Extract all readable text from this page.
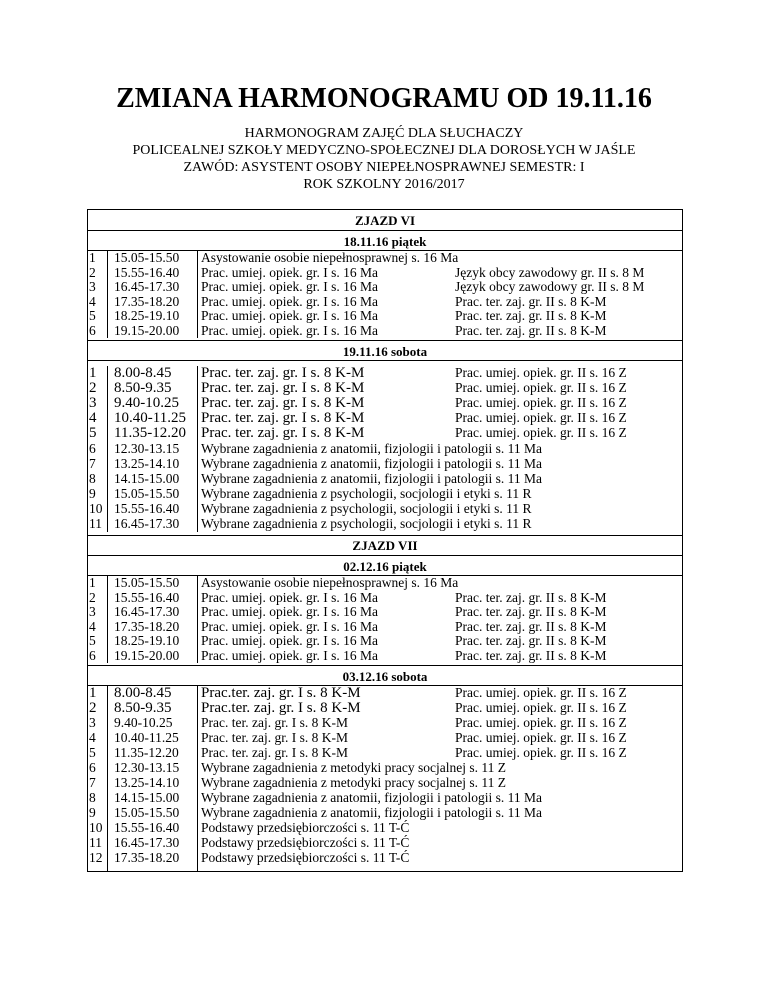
ZMIANA HARMONOGRAMU OD 19.11.16
HARMONOGRAM ZAJĘĆ DLA SŁUCHACZY
POLICEALNEJ SZKOŁY MEDYCZNO-SPOŁECZNEJ DLA DOROSŁYCH W JAŚLE
ZAWÓD: ASYSTENT OSOBY NIEPEŁNOSPRAWNEJ SEMESTR: I
ROK SZKOLNY 2016/2017
ZJAZD VI
18.11.16 piątek
1	15.05-15.50 Asystowanie osobie niepełnosprawnej s. 16 Ma
2	15.55-16.40 Prac. umiej. opiek. gr. I s. 16 Ma	Język obcy zawodowy gr. II s. 8 M
3	16.45-17.30 Prac. umiej. opiek. gr. I s. 16 Ma	Język obcy zawodowy gr. II s. 8 M
4	17.35-18.20 Prac. umiej. opiek. gr. I s. 16 Ma	Prac. ter. zaj. gr. II s. 8 K-M
5	18.25-19.10 Prac. umiej. opiek. gr. I s. 16 Ma	Prac. ter. zaj. gr. II s. 8 K-M
6	19.15-20.00 Prac. umiej. opiek. gr. I s. 16 Ma	Prac. ter. zaj. gr. II s. 8 K-M
19.11.16 sobota
1	8.00-8.45 Prac. ter. zaj. gr. I s. 8 K-M	Prac. umiej. opiek. gr. II s. 16 Z
2	8.50-9.35 Prac. ter. zaj. gr. I s. 8 K-M	Prac. umiej. opiek. gr. II s. 16 Z
3	9.40-10.25 Prac. ter. zaj. gr. I s. 8 K-M	Prac. umiej. opiek. gr. II s. 16 Z
4	10.40-11.25 Prac. ter. zaj. gr. I s. 8 K-M	Prac. umiej. opiek. gr. II s. 16 Z
5	11.35-12.20 Prac. ter. zaj. gr. I s. 8 K-M	Prac. umiej. opiek. gr. II s. 16 Z
6	12.30-13.15 Wybrane zagadnienia z anatomii, fizjologii i patologii s. 11 Ma
7	13.25-14.10 Wybrane zagadnienia z anatomii, fizjologii i patologii s. 11 Ma
8	14.15-15.00 Wybrane zagadnienia z anatomii, fizjologii i patologii s. 11 Ma
9	15.05-15.50 Wybrane zagadnienia z psychologii, socjologii i etyki s. 11 R
10 15.55-16.40 Wybrane zagadnienia z psychologii, socjologii i etyki s. 11 R
11 16.45-17.30 Wybrane zagadnienia z psychologii, socjologii i etyki s. 11 R
ZJAZD VII
02.12.16 piątek
1	15.05-15.50 Asystowanie osobie niepełnosprawnej s. 16 Ma
2	15.55-16.40 Prac. umiej. opiek. gr. I s. 16 Ma	Prac. ter. zaj. gr. II s. 8 K-M
3	16.45-17.30 Prac. umiej. opiek. gr. I s. 16 Ma	Prac. ter. zaj. gr. II s. 8 K-M
4	17.35-18.20 Prac. umiej. opiek. gr. I s. 16 Ma	Prac. ter. zaj. gr. II s. 8 K-M
5	18.25-19.10 Prac. umiej. opiek. gr. I s. 16 Ma	Prac. ter. zaj. gr. II s. 8 K-M
6	19.15-20.00 Prac. umiej. opiek. gr. I s. 16 Ma	Prac. ter. zaj. gr. II s. 8 K-M
03.12.16 sobota
1	8.00-8.45 Prac.ter. zaj. gr. I s. 8 K-M	Prac. umiej. opiek. gr. II s. 16 Z
2	8.50-9.35 Prac.ter. zaj. gr. I s. 8 K-M	Prac. umiej. opiek. gr. II s. 16 Z
3	9.40-10.25 Prac. ter. zaj. gr. I s. 8 K-M	Prac. umiej. opiek. gr. II s. 16 Z
4	10.40-11.25 Prac. ter. zaj. gr. I s. 8 K-M	Prac. umiej. opiek. gr. II s. 16 Z
5	11.35-12.20 Prac. ter. zaj. gr. I s. 8 K-M	Prac. umiej. opiek. gr. II s. 16 Z
6	12.30-13.15 Wybrane zagadnienia z metodyki pracy socjalnej s. 11 Z
7	13.25-14.10 Wybrane zagadnienia z metodyki pracy socjalnej s. 11 Z
8	14.15-15.00 Wybrane zagadnienia z anatomii, fizjologii i patologii s. 11 Ma
9	15.05-15.50 Wybrane zagadnienia z anatomii, fizjologii i patologii s. 11 Ma
10 15.55-16.40 Podstawy przedsiębiorczości s. 11 T-Ć
11 16.45-17.30 Podstawy przedsiębiorczości s. 11 T-Ć
12 17.35-18.20 Podstawy przedsiębiorczości s. 11 T-Ć
